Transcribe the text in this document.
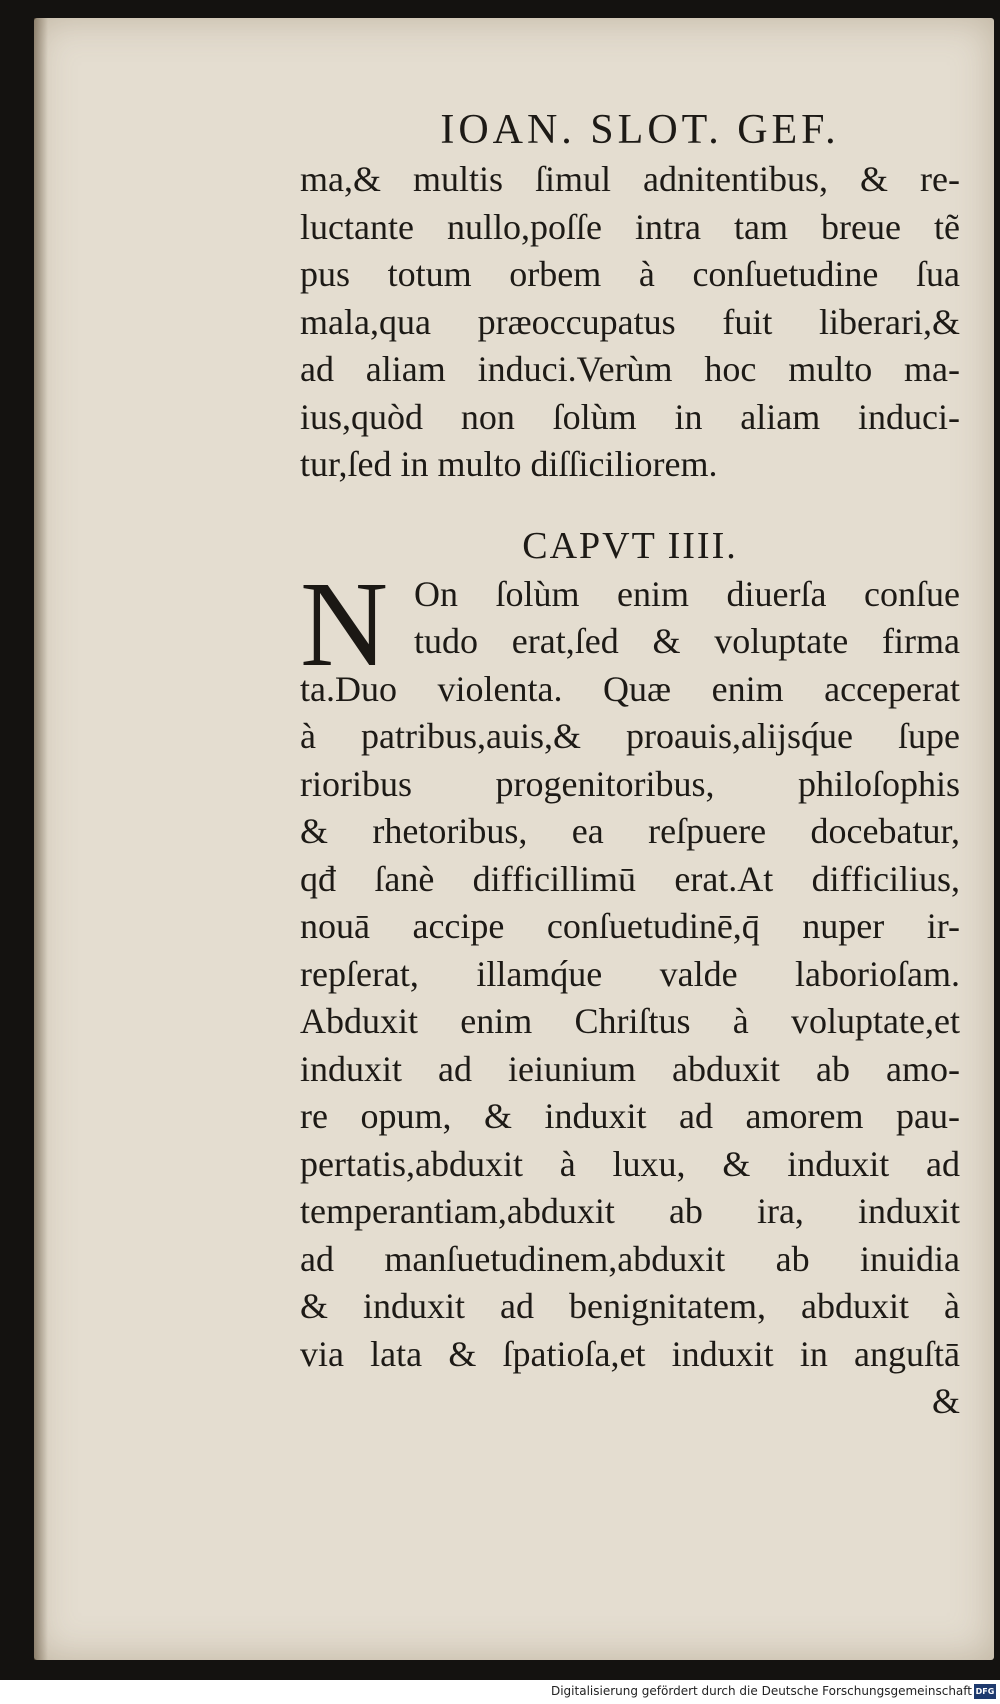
IOAN. SLOT. GEF.
ma,& multis ſimul adnitentibus, & re-
luctante nullo,poſſe intra tam breue tẽ
pus totum orbem à conſuetudine ſua
mala,qua præoccupatus fuit liberari,&
ad aliam induci.Verùm hoc multo ma-
ius,quòd non ſolùm in aliam induci-
tur,ſed in multo diſſiciliorem.
CAPVT IIII.
N On ſolùm enim diuerſa conſue
tudo erat,ſed & voluptate firma
ta.Duo violenta. Quæ enim acceperat
à patribus,auis,& proauis,alijsq́ue ſupe
rioribus progenitoribus, philoſophis
& rhetoribus, ea reſpuere docebatur,
qđ ſanè difficillimū erat.At difficilius,
nouā accipe conſuetudinē,q̄ nuper ir-
repſerat, illamq́ue valde laborioſam.
Abduxit enim Chriſtus à voluptate,et
induxit ad ieiunium abduxit ab amo-
re opum, & induxit ad amorem pau-
pertatis,abduxit à luxu, & induxit ad
temperantiam,abduxit ab ira, induxit
ad manſuetudinem,abduxit ab inuidia
& induxit ad benignitatem, abduxit à
via lata & ſpatioſa,et induxit in anguſtā
&
Digitalisierung gefördert durch die Deutsche Forschungsgemeinschaft DFG
